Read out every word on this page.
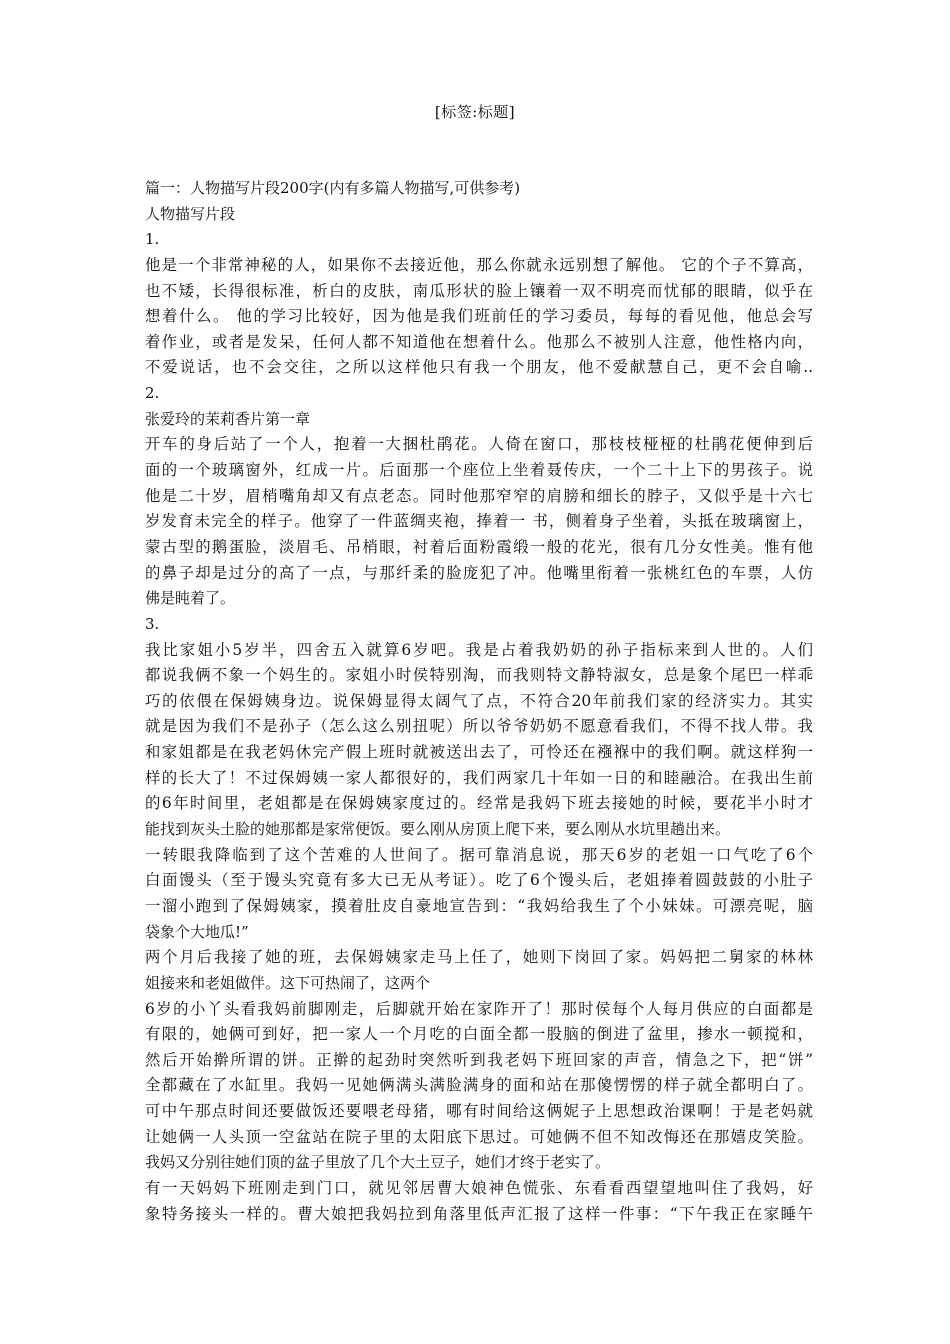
[标签:标题]
篇一：人物描写片段200字(内有多篇人物描写,可供参考)
人物描写片段
1.
他是一个非常神秘的人，如果你不去接近他，那么你就永远别想了解他。 它的个子不算高，
也不矮，长得很标准，析白的皮肤，南瓜形状的脸上镶着一双不明亮而忧郁的眼睛，似乎在
想着什么。 他的学习比较好，因为他是我们班前任的学习委员，每每的看见他，他总会写
着作业，或者是发呆，任何人都不知道他在想着什么。他那么不被别人注意，他性格内向，
不爱说话，也不会交往，之所以这样他只有我一个朋友，他不爱献慧自己，更不会自喻..
2.
张爱玲的茉莉香片第一章
开车的身后站了一个人，抱着一大捆杜鹃花。人倚在窗口，那枝枝桠桠的杜鹃花便伸到后
面的一个玻璃窗外，红成一片。后面那一个座位上坐着聂传庆，一个二十上下的男孩子。说
他是二十岁，眉梢嘴角却又有点老态。同时他那窄窄的肩膀和细长的脖子，又似乎是十六七
岁发育未完全的样子。他穿了一件蓝绸夹袍，捧着一 书，侧着身子坐着，头抵在玻璃窗上，
蒙古型的鹅蛋脸，淡眉毛、吊梢眼，衬着后面粉霞缎一般的花光，很有几分女性美。惟有他
的鼻子却是过分的高了一点，与那纤柔的脸庞犯了冲。他嘴里衔着一张桃红色的车票，人仿
佛是盹着了。
3.
我比家姐小5岁半，四舍五入就算6岁吧。我是占着我奶奶的孙子指标来到人世的。人们
都说我俩不象一个妈生的。家姐小时侯特别淘，而我则特文静特淑女，总是象个尾巴一样乖
巧的依偎在保姆姨身边。说保姆显得太阔气了点，不符合20年前我们家的经济实力。其实
就是因为我们不是孙子（怎么这么别扭呢）所以爷爷奶奶不愿意看我们，不得不找人带。我
和家姐都是在我老妈休完产假上班时就被送出去了，可怜还在襁褓中的我们啊。就这样狗一
样的长大了！不过保姆姨一家人都很好的，我们两家几十年如一日的和睦融洽。在我出生前
的6年时间里，老姐都是在保姆姨家度过的。经常是我妈下班去接她的时候，要花半小时才
能找到灰头土脸的她那都是家常便饭。要么刚从房顶上爬下来，要么刚从水坑里趟出来。
一转眼我降临到了这个苦难的人世间了。据可靠消息说，那天6岁的老姐一口气吃了6个
白面馒头（至于馒头究竟有多大已无从考证）。吃了6个馒头后，老姐捧着圆鼓鼓的小肚子
一溜小跑到了保姆姨家，摸着肚皮自豪地宣告到：“我妈给我生了个小妹妹。可漂亮呢，脑
袋象个大地瓜!”
两个月后我接了她的班，去保姆姨家走马上任了，她则下岗回了家。妈妈把二舅家的林林
姐接来和老姐做伴。这下可热闹了，这两个
6岁的小丫头看我妈前脚刚走，后脚就开始在家阼开了！那时侯每个人每月供应的白面都是
有限的，她俩可到好，把一家人一个月吃的白面全都一股脑的倒进了盆里，掺水一顿搅和，
然后开始擀所谓的饼。正擀的起劲时突然听到我老妈下班回家的声音，情急之下，把“饼”
全都藏在了水缸里。我妈一见她俩满头满脸满身的面和站在那傻愣愣的样子就全都明白了。
可中午那点时间还要做饭还要喂老母猪，哪有时间给这俩妮子上思想政治课啊！于是老妈就
让她俩一人头顶一空盆站在院子里的太阳底下思过。可她俩不但不知改悔还在那嬉皮笑脸。
我妈又分别往她们顶的盆子里放了几个大土豆子，她们才终于老实了。
有一天妈妈下班刚走到门口，就见邻居曹大娘神色慌张、东看看西望望地叫住了我妈，好
象特务接头一样的。曹大娘把我妈拉到角落里低声汇报了这样一件事：“下午我正在家睡午
